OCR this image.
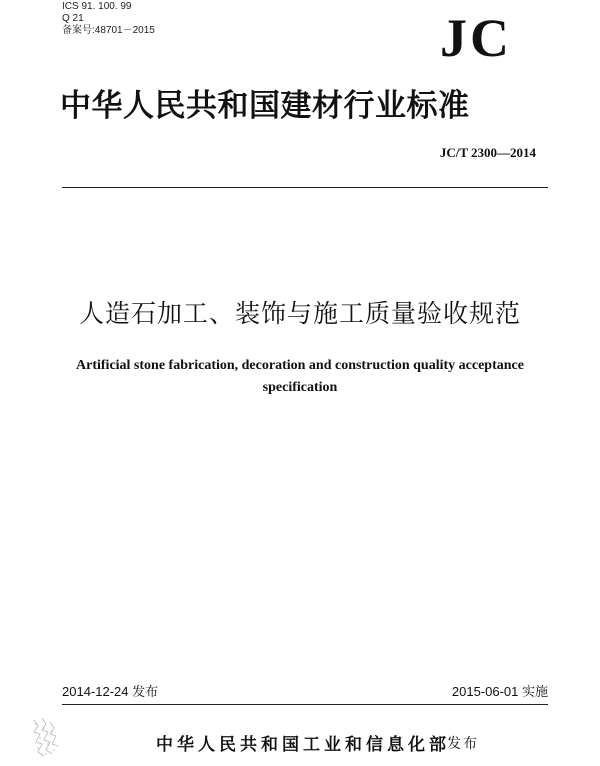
ICS 91. 100. 99
Q 21
备案号:48701－2015	JC
中华人民共和国建材行业标准
JC/T 2300—2014
人造石加工、装饰与施工质量验收规范
Artificial stone fabrication, decoration and construction quality acceptance
specification
2014-12-24 发布	2015-06-01 实施
中华人民共和国工业和信息化部
发布
